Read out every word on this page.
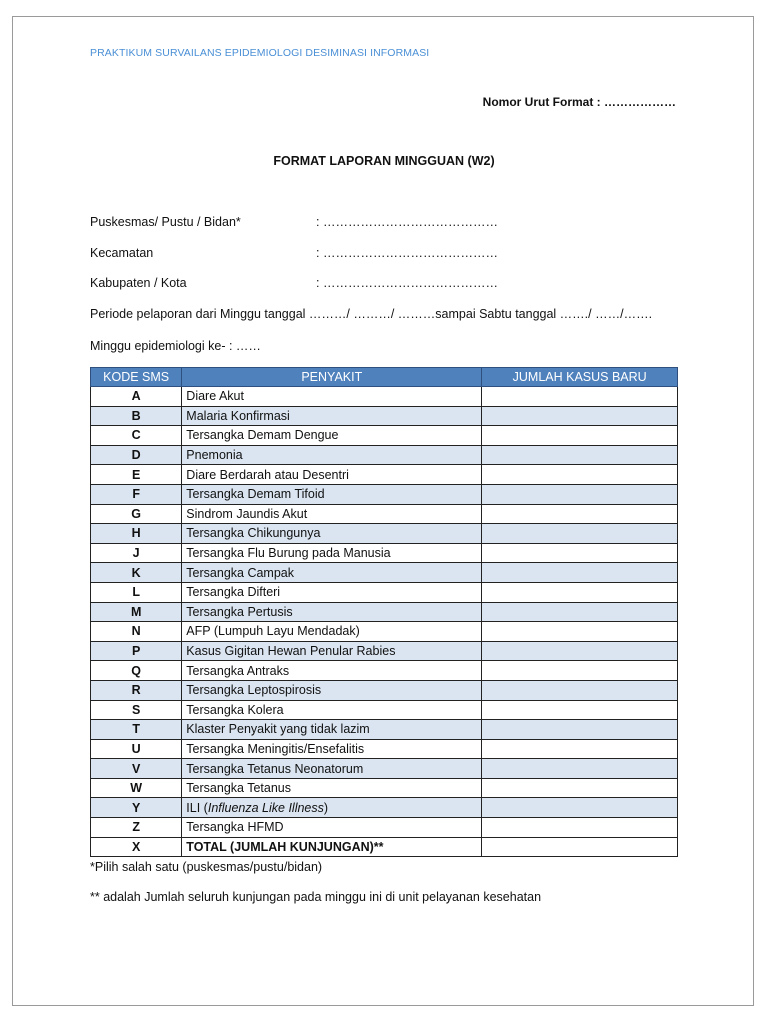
PRAKTIKUM SURVAILANS EPIDEMIOLOGI DESIMINASI INFORMASI
Nomor Urut Format : ………………
FORMAT LAPORAN MINGGUAN (W2)
Puskesmas/ Pustu / Bidan*	: ……………………………………
Kecamatan	: ……………………………………
Kabupaten / Kota	: ……………………………………
Periode pelaporan dari Minggu tanggal ………/ ………/ ………sampai Sabtu tanggal ……./ ……/…….
Minggu epidemiologi ke- : ……
KODE SMS	PENYAKIT	JUMLAH KASUS BARU
A	Diare Akut	
B	Malaria Konfirmasi	
C	Tersangka Demam Dengue	
D	Pnemonia	
E	Diare Berdarah atau Desentri	
F	Tersangka Demam Tifoid	
G	Sindrom Jaundis Akut	
H	Tersangka Chikungunya	
J	Tersangka Flu Burung pada Manusia	
K	Tersangka Campak	
L	Tersangka Difteri	
M	Tersangka Pertusis	
N	AFP (Lumpuh Layu Mendadak)	
P	Kasus Gigitan Hewan Penular Rabies	
Q	Tersangka Antraks	
R	Tersangka Leptospirosis	
S	Tersangka Kolera	
T	Klaster Penyakit yang tidak lazim	
U	Tersangka Meningitis/Ensefalitis	
V	Tersangka Tetanus Neonatorum	
W	Tersangka Tetanus	
Y	ILI (Influenza Like Illness)	
Z	Tersangka HFMD	
X	TOTAL (JUMLAH KUNJUNGAN)**	
*Pilih salah satu (puskesmas/pustu/bidan)
** adalah Jumlah seluruh kunjungan pada minggu ini di unit pelayanan kesehatan
